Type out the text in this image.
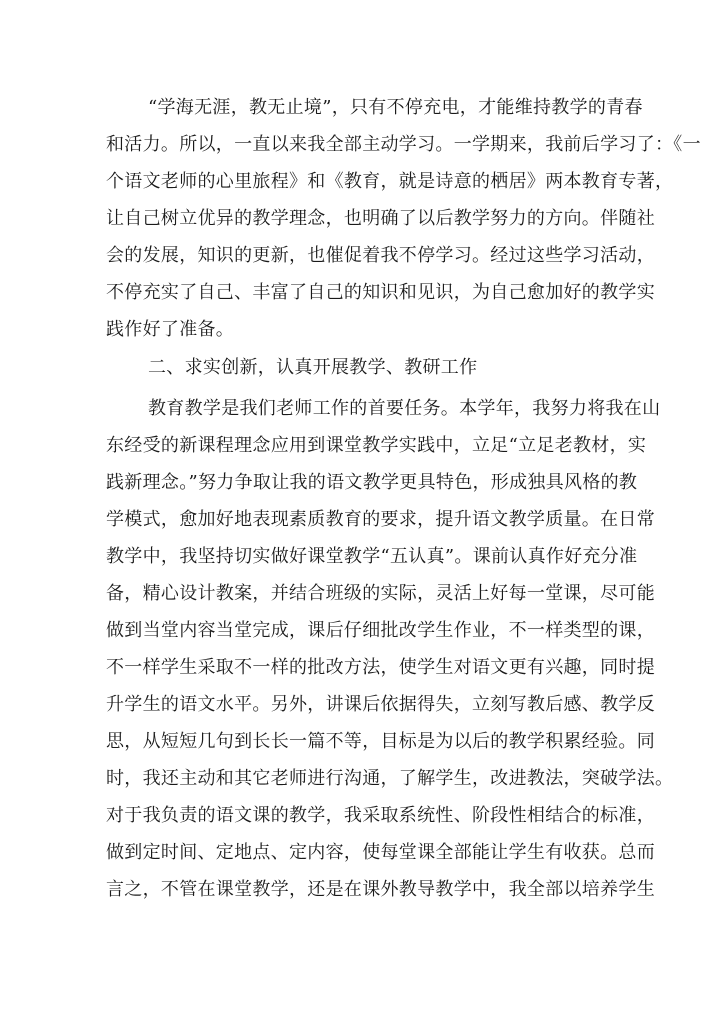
“学海无涯，教无止境”，只有不停充电，才能维持教学的青春
和活力。所以，一直以来我全部主动学习。一学期来，我前后学习了：《一
个语文老师的心里旅程》和《教育，就是诗意的栖居》两本教育专著，
让自己树立优异的教学理念，也明确了以后教学努力的方向。伴随社
会的发展，知识的更新，也催促着我不停学习。经过这些学习活动，
不停充实了自己、丰富了自己的知识和见识，为自己愈加好的教学实
践作好了准备。
二、求实创新，认真开展教学、教研工作
教育教学是我们老师工作的首要任务。本学年，我努力将我在山
东经受的新课程理念应用到课堂教学实践中，立足“立足老教材，实
践新理念。”努力争取让我的语文教学更具特色，形成独具风格的教
学模式，愈加好地表现素质教育的要求，提升语文教学质量。在日常
教学中，我坚持切实做好课堂教学“五认真”。课前认真作好充分准
备，精心设计教案，并结合班级的实际，灵活上好每一堂课，尽可能
做到当堂内容当堂完成，课后仔细批改学生作业，不一样类型的课，
不一样学生采取不一样的批改方法，使学生对语文更有兴趣，同时提
升学生的语文水平。另外，讲课后依据得失，立刻写教后感、教学反
思，从短短几句到长长一篇不等，目标是为以后的教学积累经验。同
时，我还主动和其它老师进行沟通，了解学生，改进教法，突破学法。
对于我负责的语文课的教学，我采取系统性、阶段性相结合的标准，
做到定时间、定地点、定内容，使每堂课全部能让学生有收获。总而
言之，不管在课堂教学，还是在课外教导教学中，我全部以培养学生
